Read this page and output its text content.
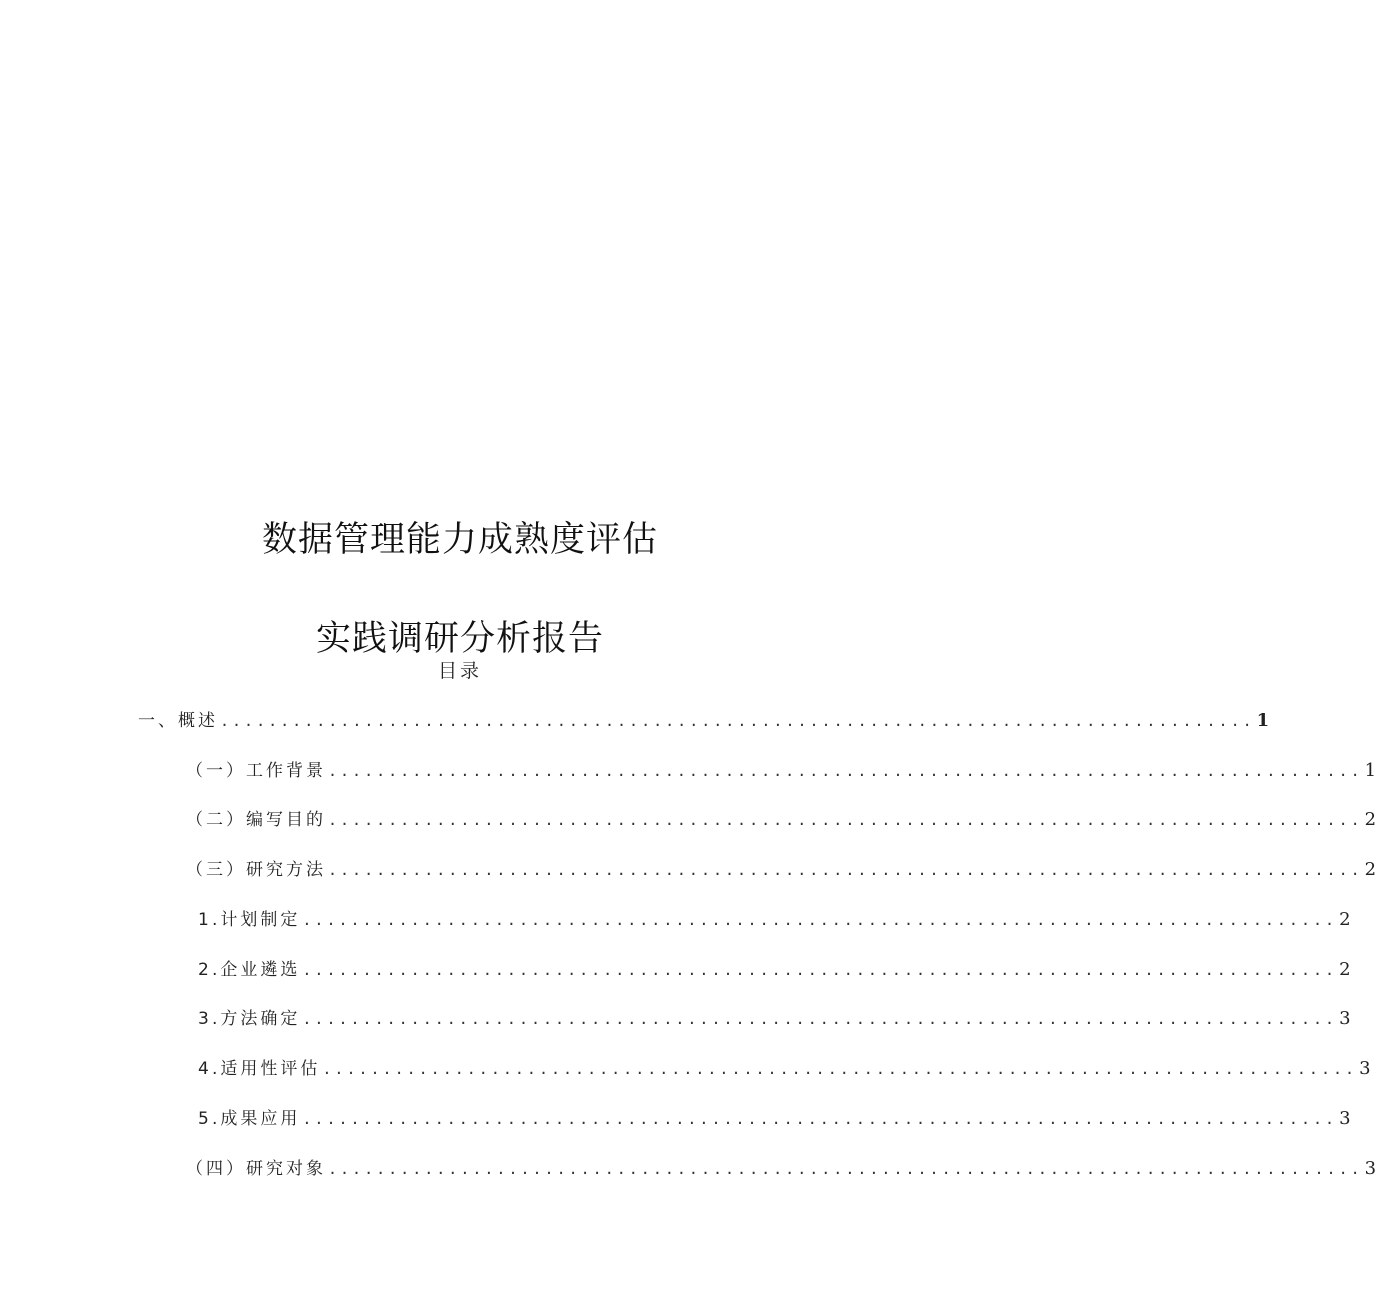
数据管理能力成熟度评估
实践调研分析报告
目录
一、概述 ...................................................................................... 1
（一）工作背景 ...................................................................................... 1
（二）编写目的 ...................................................................................... 2
（三）研究方法 ...................................................................................... 2
1 .计划制定 ...................................................................................... 2
2 .企业遴选 ...................................................................................... 2
3 .方法确定 ...................................................................................... 3
4 .适用性评估 ...................................................................................... 3
5 .成果应用 ...................................................................................... 3
（四）研究对象 ...................................................................................... 3
